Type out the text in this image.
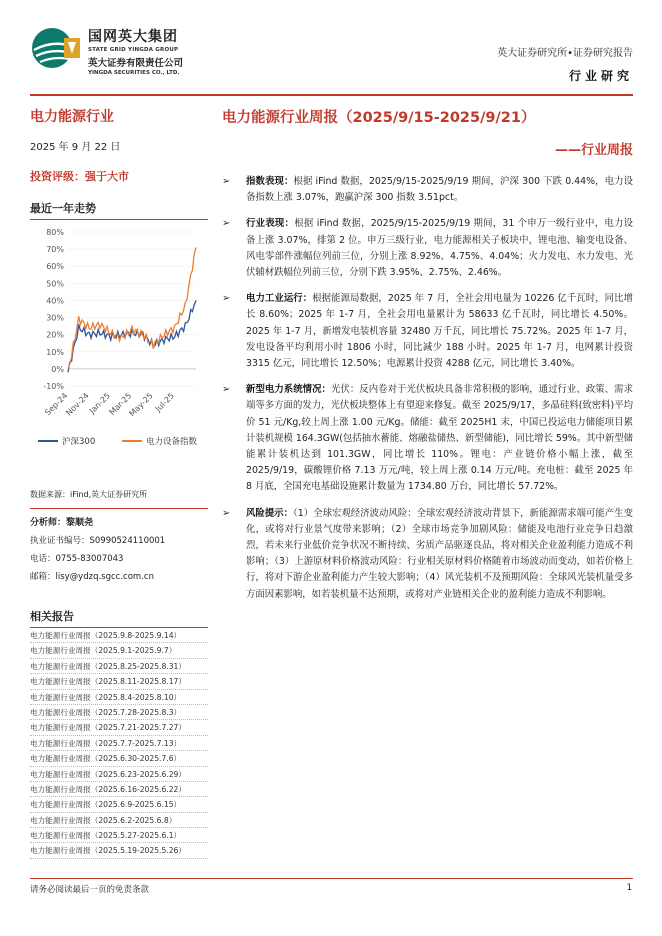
国网英大集团
STATE GRID YINGDA GROUP
英大证券有限责任公司
YINGDA SECURITIES CO., LTD.
英大证券研究所•证券研究报告
行业研究
电力能源行业
2025 年 9 月 22 日
投资评级：强于大市
最近一年走势
80%
70%
60%
50%
40%
30%
20%
10%
0%
-10%
Sep-24
Nov-24
Jan-25
Mar-25
May-25
Jul-25
沪深300	电力设备指数
数据来源：iFind,英大证券研究所
分析师：黎顺尧
执业证书编号：S0990524110001
电话：0755-83007043
邮箱：lisy@ydzq.sgcc.com.cn
相关报告
电力能源行业周报（2025.9.8-2025.9.14）
电力能源行业周报（2025.9.1-2025.9.7）
电力能源行业周报（2025.8.25-2025.8.31）
电力能源行业周报（2025.8.11-2025.8.17）
电力能源行业周报（2025.8.4-2025.8.10）
电力能源行业周报（2025.7.28-2025.8.3）
电力能源行业周报（2025.7.21-2025.7.27）
电力能源行业周报（2025.7.7-2025.7.13）
电力能源行业周报（2025.6.30-2025.7.6）
电力能源行业周报（2025.6.23-2025.6.29）
电力能源行业周报（2025.6.16-2025.6.22）
电力能源行业周报（2025.6.9-2025.6.15）
电力能源行业周报（2025.6.2-2025.6.8）
电力能源行业周报（2025.5.27-2025.6.1）
电力能源行业周报（2025.5.19-2025.5.26）
电力能源行业周报（2025/9/15-2025/9/21）
——行业周报
➢ 指数表现：根据 iFind 数据，2025/9/15-2025/9/19 期间，沪深 300 下跌 0.44%，电力设备指数上涨 3.07%，跑赢沪深 300 指数 3.51pct。
➢ 行业表现：根据 iFind 数据，2025/9/15-2025/9/19 期间，31 个申万一级行业中，电力设备上涨 3.07%，排第 2 位。申万三级行业，电力能源相关子板块中，锂电池、输变电设备、风电零部件涨幅位列前三位，分别上涨 8.92%、4.75%、4.04%；火力发电、水力发电、光伏辅材跌幅位列前三位，分别下跌 3.95%、2.75%、2.46%。
➢ 电力工业运行：根据能源局数据，2025 年 7 月，全社会用电量为 10226 亿千瓦时，同比增长 8.60%；2025 年 1-7 月，全社会用电量累计为 58633 亿千瓦时，同比增长 4.50%。2025 年 1-7 月，新增发电装机容量 32480 万千瓦，同比增长 75.72%。2025 年 1-7 月，发电设备平均利用小时 1806 小时，同比减少 188 小时。2025 年 1-7 月，电网累计投资 3315 亿元，同比增长 12.50%；电源累计投资 4288 亿元，同比增长 3.40%。
➢ 新型电力系统情况：光伏：反内卷对于光伏板块具备非常积极的影响，通过行业、政策、需求端等多方面的发力，光伏板块整体上有望迎来修复。截至 2025/9/17，多晶硅料(致密料)平均价 51 元/Kg,较上周上涨 1.00 元/Kg。储能：截至 2025H1 末，中国已投运电力储能项目累计装机规模 164.3GW(包括抽水蓄能、熔融盐储热、新型储能)，同比增长 59%。其中新型储能累计装机达到 101.3GW，同比增长 110%。锂电：产业链价格小幅上涨，截至 2025/9/19，碳酸锂价格 7.13 万元/吨，较上周上涨 0.14 万元/吨。充电桩：截至 2025 年 8 月底，全国充电基础设施累计数量为 1734.80 万台，同比增长 57.72%。
➢ 风险提示：（1）全球宏观经济波动风险：全球宏观经济波动背景下，新能源需求端可能产生变化，或将对行业景气度带来影响；（2）全球市场竞争加剧风险：储能及电池行业竞争日趋激烈，若未来行业低价竞争状况不断持续、劣质产品驱逐良品，将对相关企业盈利能力造成不利影响；（3）上游原材料价格波动风险：行业相关原材料价格随着市场波动而变动，如若价格上行，将对下游企业盈利能力产生较大影响；（4）风光装机不及预期风险：全球风光装机量受多方面因素影响，如若装机量不达预期，或将对产业链相关企业的盈利能力造成不利影响。
请务必阅读最后一页的免责条款	1
